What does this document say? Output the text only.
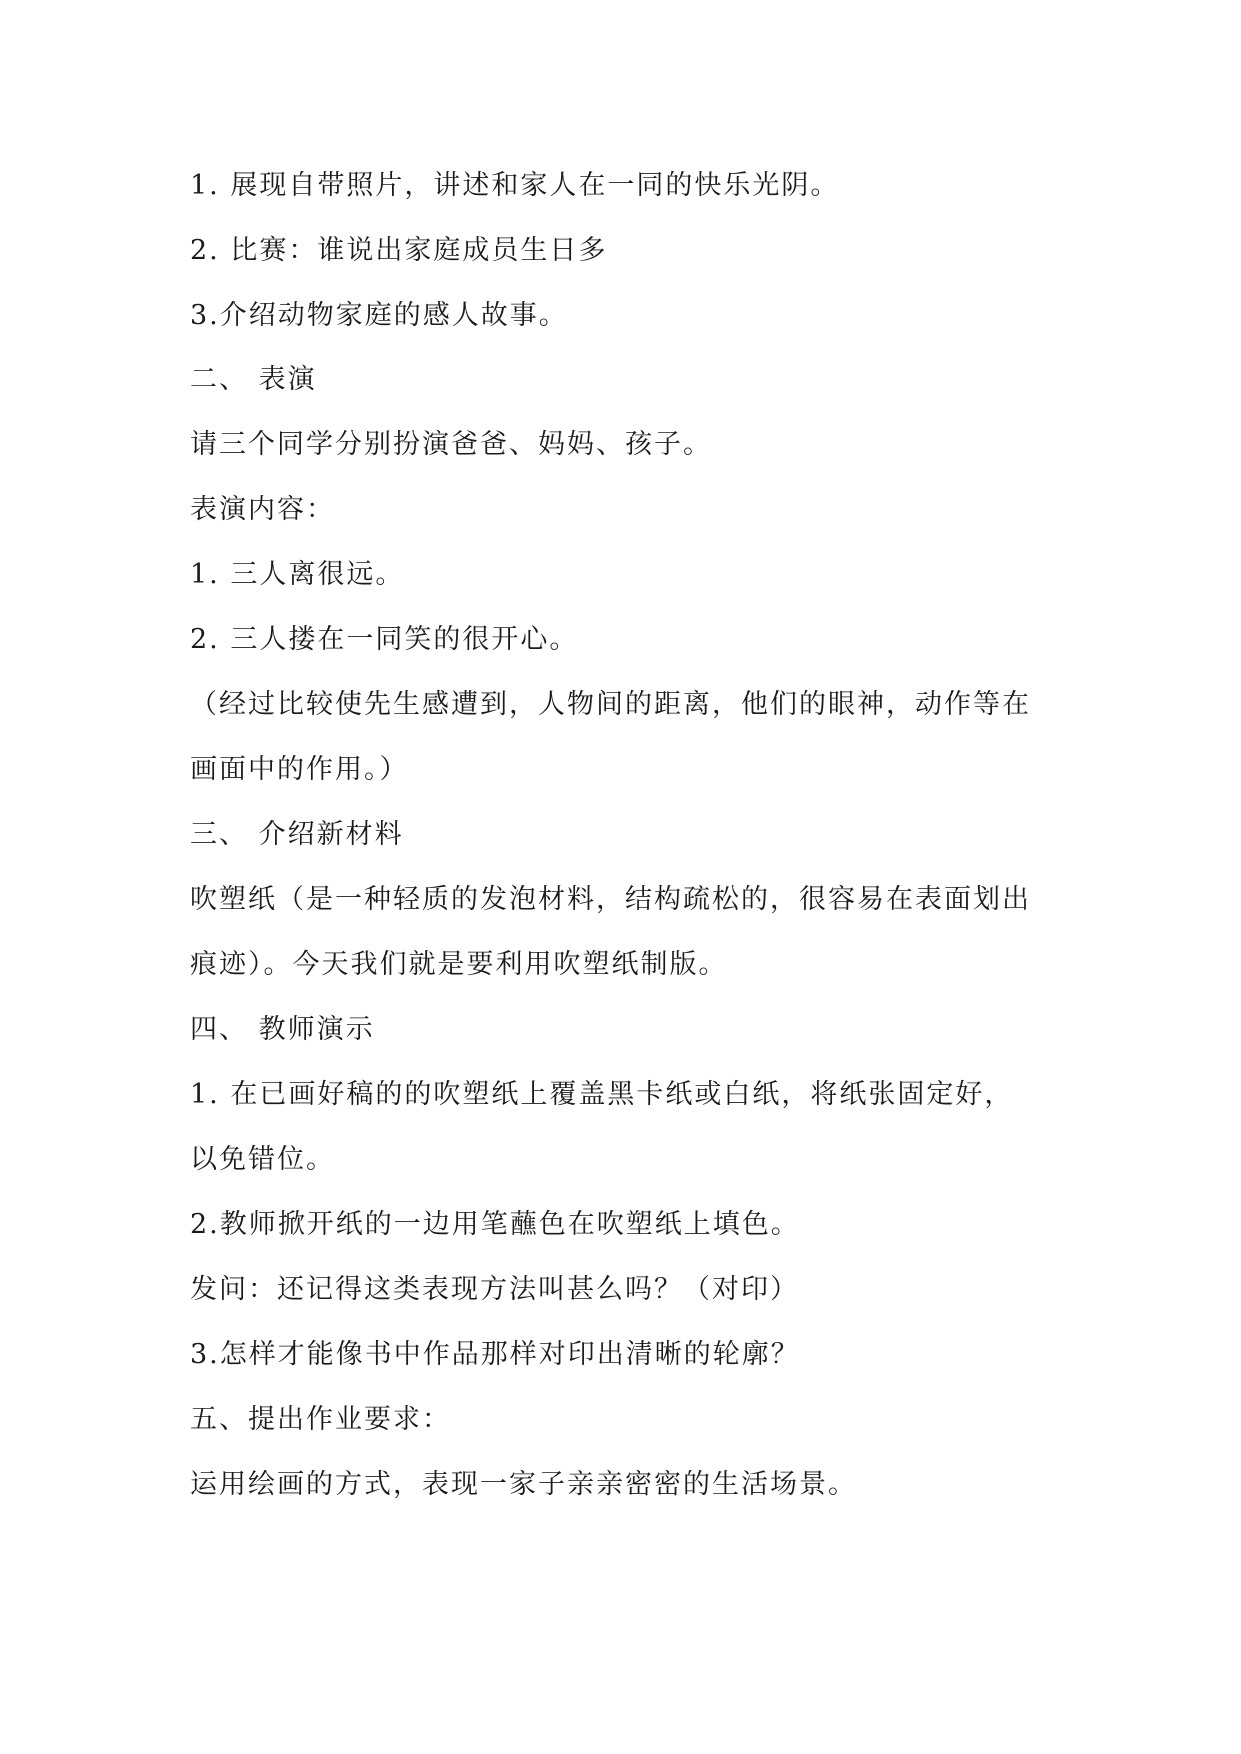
1. 展现自带照片，讲述和家人在一同的快乐光阴。
2. 比赛：谁说出家庭成员生日多
3.介绍动物家庭的感人故事。
二、 表演
请三个同学分别扮演爸爸、妈妈、孩子。
表演内容：
1. 三人离很远。
2. 三人搂在一同笑的很开心。
（经过比较使先生感遭到，人物间的距离，他们的眼神，动作等在
画面中的作用。）
三、 介绍新材料
吹塑纸（是一种轻质的发泡材料，结构疏松的，很容易在表面划出
痕迹）。今天我们就是要利用吹塑纸制版。
四、 教师演示
1. 在已画好稿的的吹塑纸上覆盖黑卡纸或白纸，将纸张固定好，
以免错位。
2.教师掀开纸的一边用笔蘸色在吹塑纸上填色。
发问：还记得这类表现方法叫甚么吗？（对印）
3.怎样才能像书中作品那样对印出清晰的轮廓？
五、提出作业要求：
运用绘画的方式，表现一家子亲亲密密的生活场景。
